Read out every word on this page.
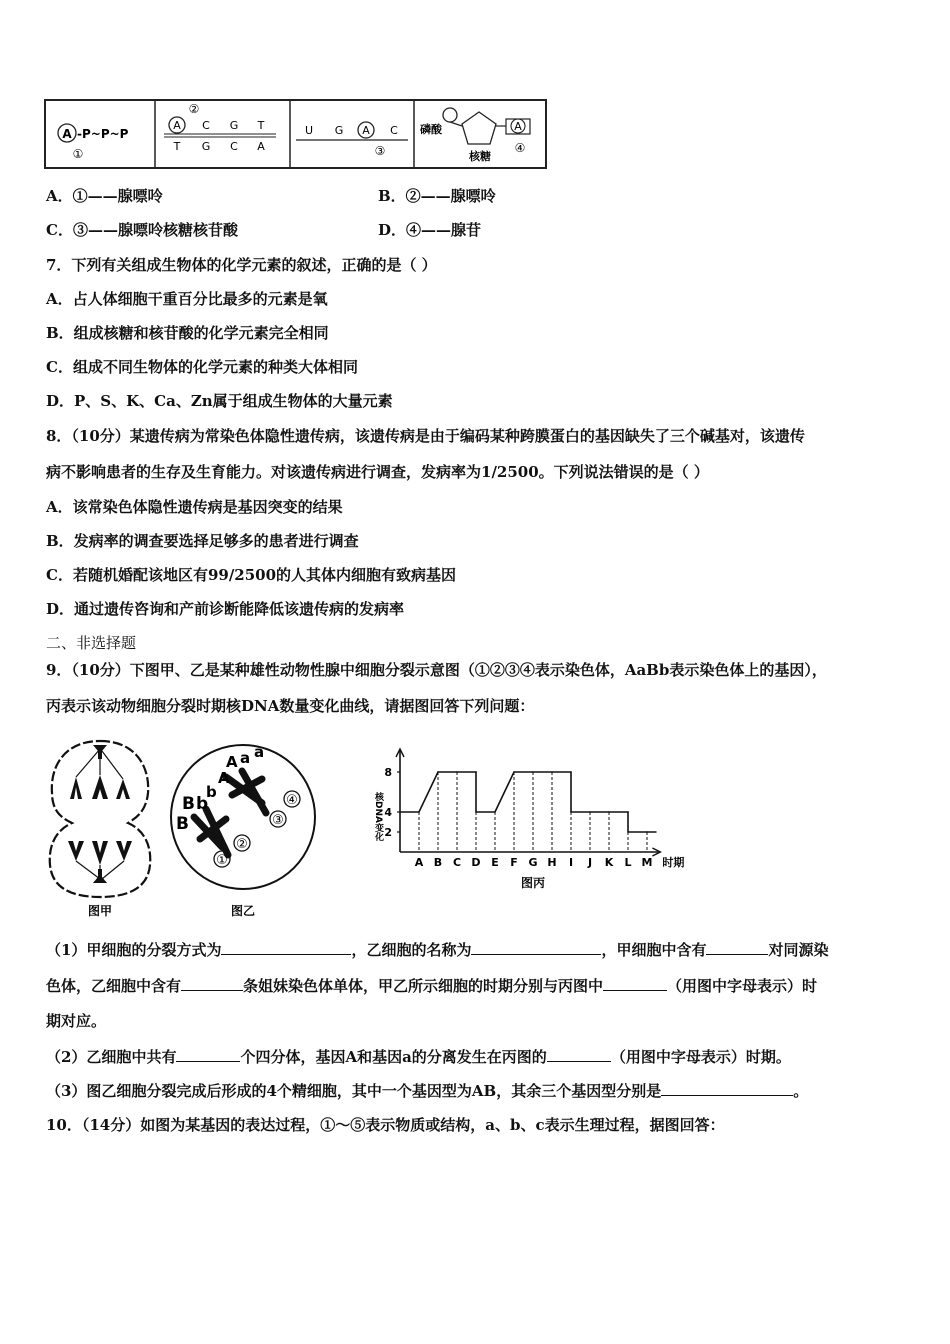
A -P~P~P
①
②
A C G T
T G C A
U G A C
③
磷酸	A
核糖
④
A．①——腺嘌呤	B．②——腺嘌呤
C．③——腺嘌呤核糖核苷酸	D．④——腺苷
7．下列有关组成生物体的化学元素的叙述，正确的是（ ）
A．占人体细胞干重百分比最多的元素是氧
B．组成核糖和核苷酸的化学元素完全相同
C．组成不同生物体的化学元素的种类大体相同
D．P、S、K、Ca、Zn属于组成生物体的大量元素
8．（10分）某遗传病为常染色体隐性遗传病，该遗传病是由于编码某种跨膜蛋白的基因缺失了三个碱基对，该遗传
病不影响患者的生存及生育能力。对该遗传病进行调查，发病率为1/2500。下列说法错误的是（ ）
A．该常染色体隐性遗传病是基因突变的结果
B．发病率的调查要选择足够多的患者进行调查
C．若随机婚配该地区有99/2500的人其体内细胞有致病基因
D．通过遗传咨询和产前诊断能降低该遗传病的发病率
二、非选择题
9．（10分）下图甲、乙是某种雄性动物性腺中细胞分裂示意图（①②③④表示染色体，AaBb表示染色体上的基因），
丙表示该动物细胞分裂时期核DNA数量变化曲线，请据图回答下列问题：
图甲
A a a
A
B b
b
B
①
②
③
④
图乙
2
4
8
核DNA变化
A B C D E F G H I J K L M 时期
图丙
（1）甲细胞的分裂方式为	，乙细胞的名称为	，甲细胞中含有	对同源染
色体，乙细胞中含有	条姐妹染色体单体，甲乙所示细胞的时期分别与丙图中	（用图中字母表示）时
期对应。
（2）乙细胞中共有	个四分体，基因A和基因a的分离发生在丙图的	（用图中字母表示）时期。
（3）图乙细胞分裂完成后形成的4个精细胞，其中一个基因型为AB，其余三个基因型分别是	。
10．（14分）如图为某基因的表达过程，①～⑤表示物质或结构，a、b、c表示生理过程，据图回答：
